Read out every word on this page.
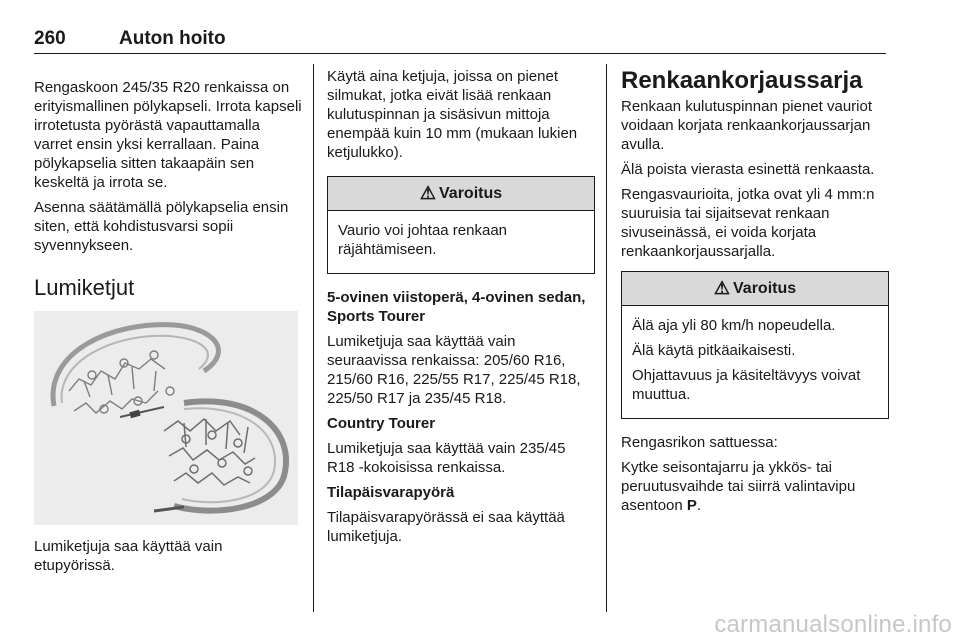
260	Auton hoito

Rengaskoon 245/35 R20 renkaissa on erityismallinen pölykapseli. Irrota kapseli irrotetusta pyörästä vapauttamalla varret ensin yksi kerrallaan. Paina pölykapselia sitten takaapäin sen keskeltä ja irrota se.

Asenna säätämällä pölykapselia ensin siten, että kohdistusvarsi sopii syvennykseen.

Lumiketjut

Lumiketjuja saa käyttää vain etupyörissä.

Käytä aina ketjuja, joissa on pienet silmukat, jotka eivät lisää renkaan kulutuspinnan ja sisäsivun mittoja enempää kuin 10 mm (mukaan lukien ketjulukko).

⚠ Varoitus

Vaurio voi johtaa renkaan räjähtämiseen.

5-ovinen viistoperä, 4-ovinen sedan, Sports Tourer

Lumiketjuja saa käyttää vain seuraavissa renkaissa: 205/60 R16, 215/60 R16, 225/55 R17, 225/45 R18, 225/50 R17 ja 235/45 R18.

Country Tourer

Lumiketjuja saa käyttää vain 235/45 R18 -kokoisissa renkaissa.

Tilapäisvarapyörä

Tilapäisvarapyörässä ei saa käyttää lumiketjuja.

Renkaankorjaussarja

Renkaan kulutuspinnan pienet vauriot voidaan korjata renkaankorjaussarjan avulla.

Älä poista vierasta esinettä renkaasta.

Rengasvaurioita, jotka ovat yli 4 mm:n suuruisia tai sijaitsevat renkaan sivuseinässä, ei voida korjata renkaankorjaussarjalla.

⚠ Varoitus

Älä aja yli 80 km/h nopeudella.

Älä käytä pitkäaikaisesti.

Ohjattavuus ja käsiteltävyys voivat muuttua.

Rengasrikon sattuessa:

Kytke seisontajarru ja ykkös- tai peruutusvaihde tai siirrä valintavipu asentoon P.

carmanualsonline.info
